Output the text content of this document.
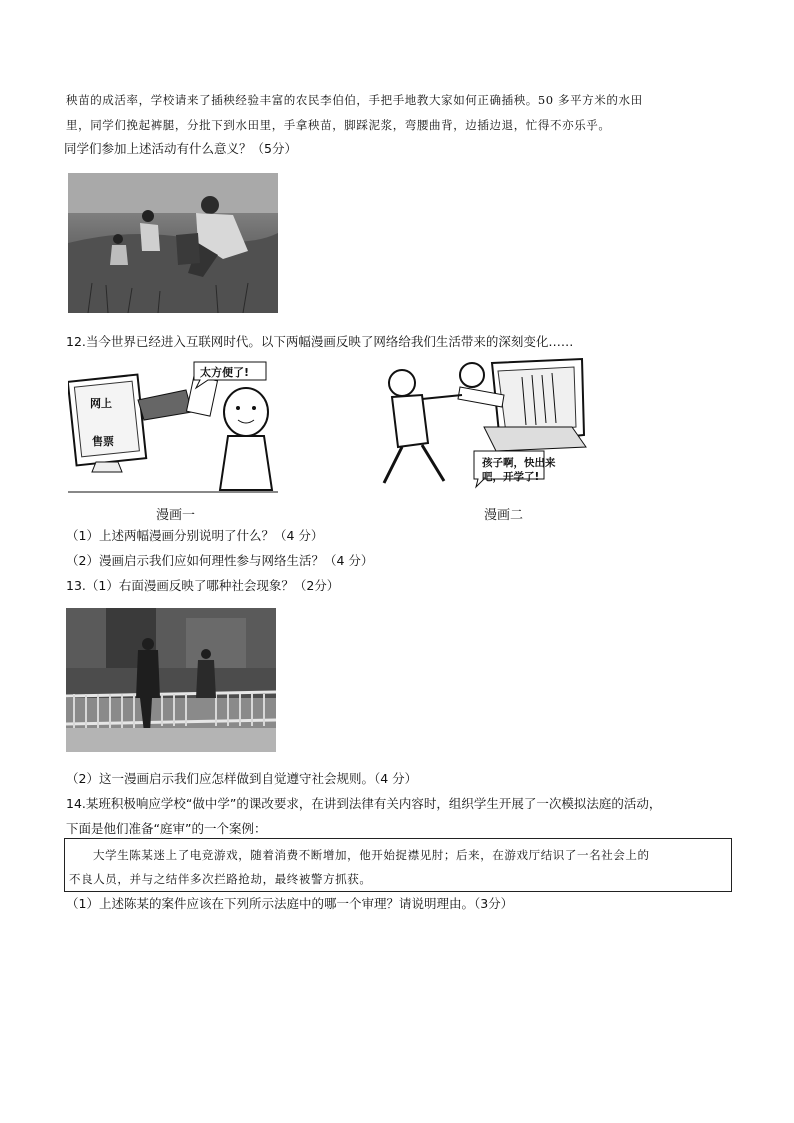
秧苗的成活率，学校请来了插秧经验丰富的农民李伯伯，手把手地教大家如何正确插秧。50 多平方米的水田
里，同学们挽起裤腿，分批下到水田里，手拿秧苗，脚踩泥浆，弯腰曲背，边插边退，忙得不亦乐乎。
同学们参加上述活动有什么意义？（5分）
12.当今世界已经进入互联网时代。以下两幅漫画反映了网络给我们生活带来的深刻变化……
网上
售票
太方便了!
孩子啊，快出来
吧，开学了!
漫画一	漫画二
（1）上述两幅漫画分别说明了什么？（4 分）
（2）漫画启示我们应如何理性参与网络生活？（4 分）
13.（1）右面漫画反映了哪种社会现象？（2分）
（2）这一漫画启示我们应怎样做到自觉遵守社会规则。（4 分）
14.某班积极响应学校“做中学”的课改要求，在讲到法律有关内容时，组织学生开展了一次模拟法庭的活动，
下面是他们准备“庭审”的一个案例：
大学生陈某迷上了电竞游戏，随着消费不断增加，他开始捉襟见肘；后来，在游戏厅结识了一名社会上的
不良人员，并与之结伴多次拦路抢劫，最终被警方抓获。
（1）上述陈某的案件应该在下列所示法庭中的哪一个审理？请说明理由。（3分）
